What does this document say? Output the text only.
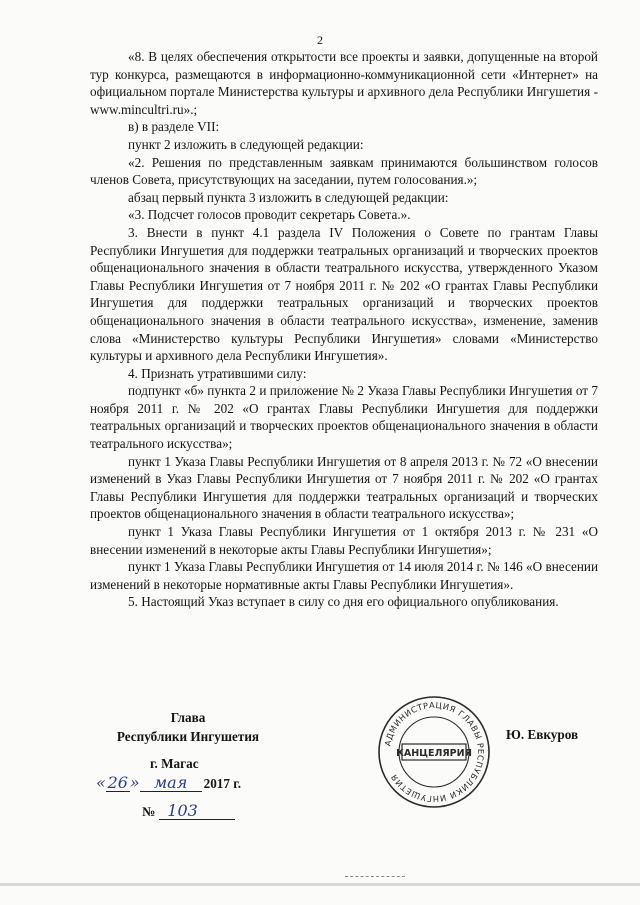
2

«8. В целях обеспечения открытости все проекты и заявки, допущенные на второй тур конкурса, размещаются в информационно-коммуникационной сети «Интернет» на официальном портале Министерства культуры и архивного дела Республики Ингушетия - www.mincultri.ru».;

в) в разделе VII:

пункт 2 изложить в следующей редакции:

«2. Решения по представленным заявкам принимаются большинством голосов членов Совета, присутствующих на заседании, путем голосования.»;

абзац первый пункта 3 изложить в следующей редакции:

«3. Подсчет голосов проводит секретарь Совета.».

3. Внести в пункт 4.1 раздела IV Положения о Совете по грантам Главы Республики Ингушетия для поддержки театральных организаций и творческих проектов общенационального значения в области театрального искусства, утвержденного Указом Главы Республики Ингушетия от 7 ноября 2011 г. № 202 «О грантах Главы Республики Ингушетия для поддержки театральных организаций и творческих проектов общенационального значения в области театрального искусства», изменение, заменив слова «Министерство культуры Республики Ингушетия» словами «Министерство культуры и архивного дела Республики Ингушетия».

4. Признать утратившими силу:

подпункт «б» пункта 2 и приложение № 2 Указа Главы Республики Ингушетия от 7 ноября 2011 г. № 202 «О грантах Главы Республики Ингушетия для поддержки театральных организаций и творческих проектов общенационального значения в области театрального искусства»;

пункт 1 Указа Главы Республики Ингушетия от 8 апреля 2013 г. № 72 «О внесении изменений в Указ Главы Республики Ингушетия от 7 ноября 2011 г. № 202 «О грантах Главы Республики Ингушетия для поддержки театральных организаций и творческих проектов общенационального значения в области театрального искусства»;

пункт 1 Указа Главы Республики Ингушетия от 1 октября 2013 г. № 231 «О внесении изменений в некоторые акты Главы Республики Ингушетия»;

пункт 1 Указа Главы Республики Ингушетия от 14 июля 2014 г. № 146 «О внесении изменений в некоторые нормативные акты Главы Республики Ингушетия».

5. Настоящий Указ вступает в силу со дня его официального опубликования.

Глава
Республики Ингушетия	Ю. Евкуров
г. Магас
« 26 » мая	2017 г.
№ 103
АДМИНИСТРАЦИЯ ГЛАВЫ РЕСПУБЛИКИ ИНГУШЕТИЯ
КАНЦЕЛЯРИЯ
